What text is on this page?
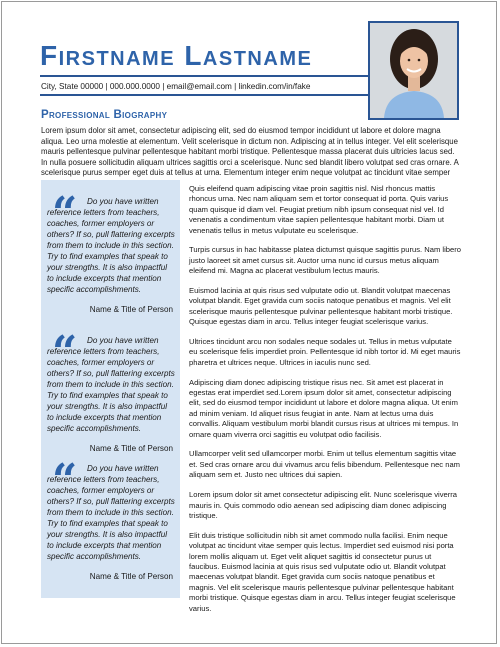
Firstname Lastname
City, State 00000 | 000.000.0000 | email@email.com | linkedin.com/in/fake
Professional Biography

Lorem ipsum dolor sit amet, consectetur adipiscing elit, sed do eiusmod tempor incididunt ut labore et dolore magna aliqua. Leo urna molestie at elementum. Velit scelerisque in dictum non. Adipiscing at in tellus integer. Vel elit scelerisque mauris pellentesque pulvinar pellentesque habitant morbi tristique. Pellentesque massa placerat duis ultricies lacus sed. In nulla posuere sollicitudin aliquam ultrices sagittis orci a scelerisque. Nunc sed blandit libero volutpat sed cras ornare. A scelerisque purus semper eget duis at tellus at urna. Elementum integer enim neque volutpat ac tincidunt vitae semper

“	Do you have written reference letters from teachers, coaches, former employers or others? If so, pull flattering excerpts from them to include in this section. Try to find examples that speak to your strengths. It is also impactful to include excerpts that mention specific accomplishments.

Name & Title of Person

“	Do you have written reference letters from teachers, coaches, former employers or others? If so, pull flattering excerpts from them to include in this section. Try to find examples that speak to your strengths. It is also impactful to include excerpts that mention specific accomplishments.

Name & Title of Person

“	Do you have written reference letters from teachers, coaches, former employers or others? If so, pull flattering excerpts from them to include in this section. Try to find examples that speak to your strengths. It is also impactful to include excerpts that mention specific accomplishments.

Name & Title of Person

Quis eleifend quam adipiscing vitae proin sagittis nisl. Nisl rhoncus mattis rhoncus urna. Nec nam aliquam sem et tortor consequat id porta. Quis varius quam quisque id diam vel. Feugiat pretium nibh ipsum consequat nisl vel. Id venenatis a condimentum vitae sapien pellentesque habitant morbi. Diam ut venenatis tellus in metus vulputate eu scelerisque.

Turpis cursus in hac habitasse platea dictumst quisque sagittis purus. Nam libero justo laoreet sit amet cursus sit. Auctor urna nunc id cursus metus aliquam eleifend mi. Magna ac placerat vestibulum lectus mauris.

Euismod lacinia at quis risus sed vulputate odio ut. Blandit volutpat maecenas volutpat blandit. Eget gravida cum sociis natoque penatibus et magnis. Vel elit scelerisque mauris pellentesque pulvinar pellentesque habitant morbi tristique. Quisque egestas diam in arcu. Tellus integer feugiat scelerisque varius.

Ultrices tincidunt arcu non sodales neque sodales ut. Tellus in metus vulputate eu scelerisque felis imperdiet proin. Pellentesque id nibh tortor id. Mi eget mauris pharetra et ultrices neque. Ultrices in iaculis nunc sed.

Adipiscing diam donec adipiscing tristique risus nec. Sit amet est placerat in egestas erat imperdiet sed.Lorem ipsum dolor sit amet, consectetur adipiscing elit, sed do eiusmod tempor incididunt ut labore et dolore magna aliqua. Ut enim ad minim veniam. Id aliquet risus feugiat in ante. Nam at lectus urna duis convallis. Aliquam vestibulum morbi blandit cursus risus at ultrices mi tempus. In ornare quam viverra orci sagittis eu volutpat odio facilisis.

Ullamcorper velit sed ullamcorper morbi. Enim ut tellus elementum sagittis vitae et. Sed cras ornare arcu dui vivamus arcu felis bibendum. Pellentesque nec nam aliquam sem et. Justo nec ultrices dui sapien.

Lorem ipsum dolor sit amet consectetur adipiscing elit. Nunc scelerisque viverra mauris in. Quis commodo odio aenean sed adipiscing diam donec adipiscing tristique.

Elit duis tristique sollicitudin nibh sit amet commodo nulla facilisi. Enim neque volutpat ac tincidunt vitae semper quis lectus. Imperdiet sed euismod nisi porta lorem mollis aliquam ut. Eget velit aliquet sagittis id consectetur purus ut faucibus. Euismod lacinia at quis risus sed vulputate odio ut. Blandit volutpat maecenas volutpat blandit. Eget gravida cum sociis natoque penatibus et magnis. Vel elit scelerisque mauris pellentesque pulvinar pellentesque habitant morbi tristique. Quisque egestas diam in arcu. Tellus integer feugiat scelerisque varius.
